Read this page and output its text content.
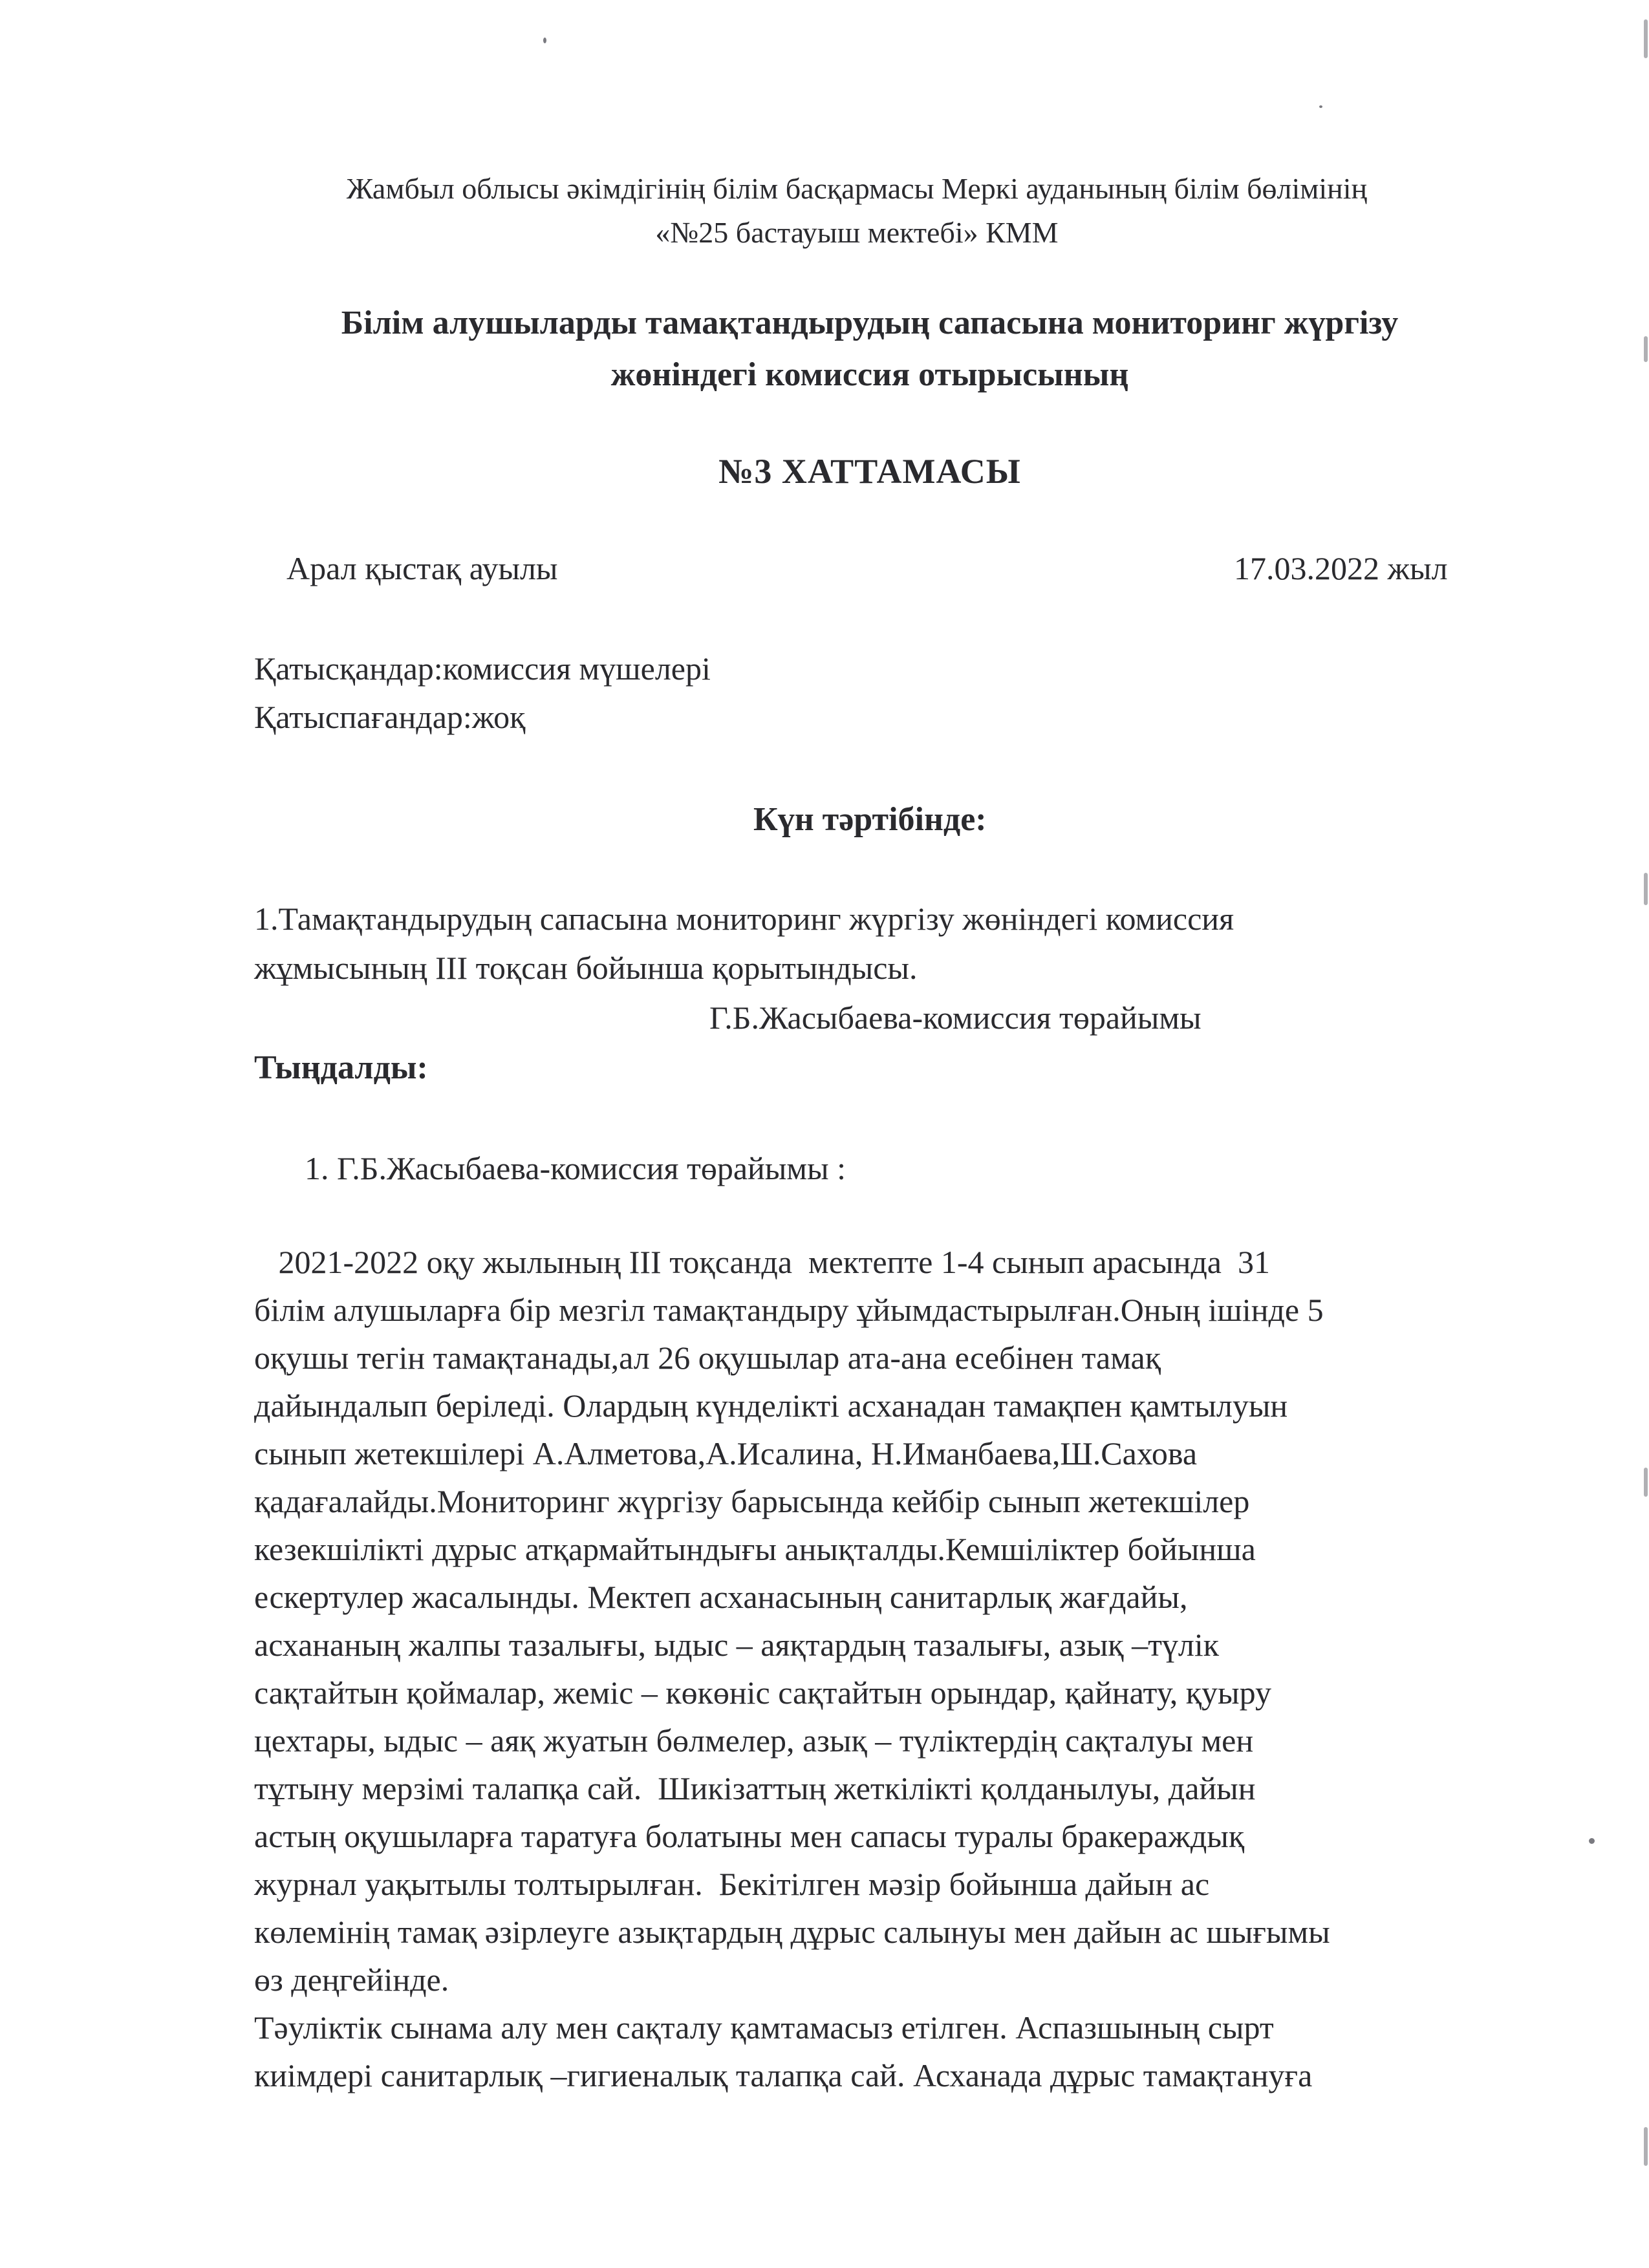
Жамбыл облысы әкімдігінің білім басқармасы Меркі ауданының білім бөлімінің
«№25 бастауыш мектебі» КММ
Білім алушыларды тамақтандырудың сапасына мониторинг жүргізу
жөніндегі комиссия отырысының
№3 ХАТТАМАСЫ
Арал қыстақ ауылы	17.03.2022 жыл
Қатысқандар:комиссия мүшелері
Қатыспағандар:жоқ
Күн тәртібінде:
1.Тамақтандырудың сапасына мониторинг жүргізу жөніндегі комиссия
жұмысының ІІІ тоқсан бойынша қорытындысы.
Г.Б.Жасыбаева-комиссия төрайымы
Тыңдалды:
1. Г.Б.Жасыбаева-комиссия төрайымы :
2021-2022 оқу жылының ІІІ тоқсанда  мектепте 1-4 сынып арасында  31
білім алушыларға бір мезгіл тамақтандыру ұйымдастырылған.Оның ішінде 5
оқушы тегін тамақтанады,ал 26 оқушылар ата-ана есебінен тамақ
дайындалып беріледі. Олардың күнделікті асханадан тамақпен қамтылуын
сынып жетекшілері А.Алметова,А.Исалина, Н.Иманбаева,Ш.Сахова
қадағалайды.Мониторинг жүргізу барысында кейбір сынып жетекшілер
кезекшілікті дұрыс атқармайтындығы анықталды.Кемшіліктер бойынша
ескертулер жасалынды. Мектеп асханасының санитарлық жағдайы,
асхананың жалпы тазалығы, ыдыс – аяқтардың тазалығы, азық –түлік
сақтайтын қоймалар, жеміс – көкөніс сақтайтын орындар, қайнату, қуыру
цехтары, ыдыс – аяқ жуатын бөлмелер, азық – түліктердің сақталуы мен
тұтыну мерзімі талапқа сай.  Шикізаттың жеткілікті қолданылуы, дайын
астың оқушыларға таратуға болатыны мен сапасы туралы бракераждық
журнал уақытылы толтырылған.  Бекітілген мәзір бойынша дайын ас
көлемінің тамақ әзірлеуге азықтардың дұрыс салынуы мен дайын ас шығымы
өз деңгейінде.
Тәуліктік сынама алу мен сақталу қамтамасыз етілген. Аспазшының сырт
киімдері санитарлық –гигиеналық талапқа сай. Асханада дұрыс тамақтануға
